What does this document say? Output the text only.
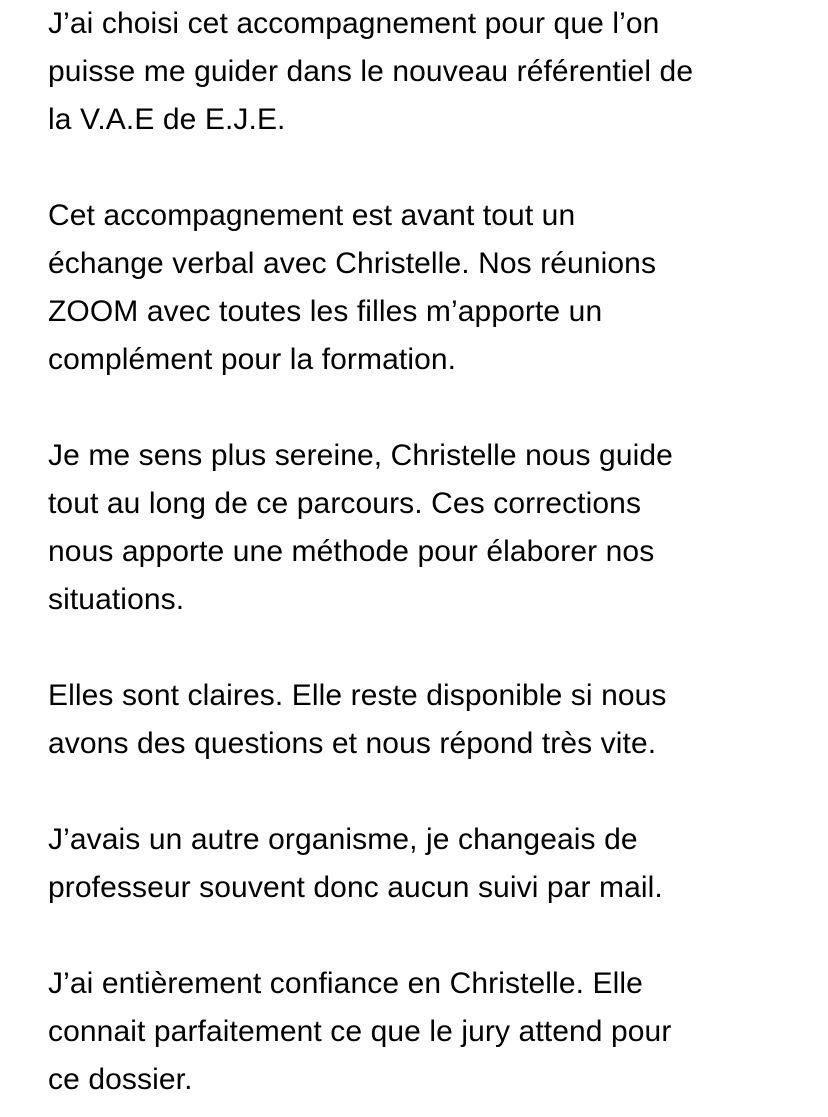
J’ai choisi cet accompagnement pour que l’on
puisse me guider dans le nouveau référentiel de
la V.A.E de E.J.E.
Cet accompagnement est avant tout un
échange verbal avec Christelle. Nos réunions
ZOOM avec toutes les filles m’apporte un
complément pour la formation.
Je me sens plus sereine, Christelle nous guide
tout au long de ce parcours. Ces corrections
nous apporte une méthode pour élaborer nos
situations.
Elles sont claires. Elle reste disponible si nous
avons des questions et nous répond très vite.
J’avais un autre organisme, je changeais de
professeur souvent donc aucun suivi par mail.
J’ai entièrement confiance en Christelle. Elle
connait parfaitement ce que le jury attend pour
ce dossier.
